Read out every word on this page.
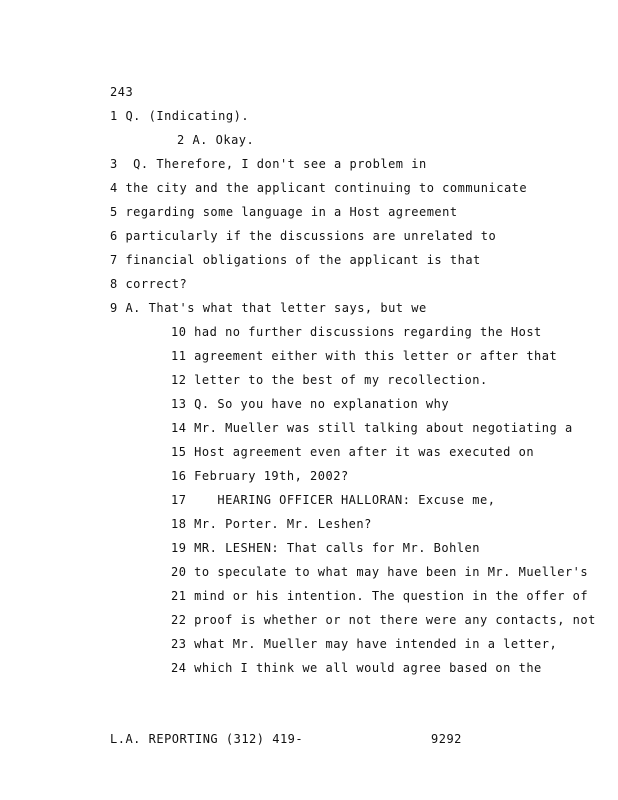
243
1 Q. (Indicating).
2 A. Okay.
3  Q. Therefore, I don't see a problem in
4 the city and the applicant continuing to communicate
5 regarding some language in a Host agreement
6 particularly if the discussions are unrelated to
7 financial obligations of the applicant is that
8 correct?
9 A. That's what that letter says, but we
10 had no further discussions regarding the Host
11 agreement either with this letter or after that
12 letter to the best of my recollection.
13 Q. So you have no explanation why
14 Mr. Mueller was still talking about negotiating a
15 Host agreement even after it was executed on
16 February 19th, 2002?
17    HEARING OFFICER HALLORAN: Excuse me,
18 Mr. Porter. Mr. Leshen?
19 MR. LESHEN: That calls for Mr. Bohlen
20 to speculate to what may have been in Mr. Mueller's
21 mind or his intention. The question in the offer of
22 proof is whether or not there were any contacts, not
23 what Mr. Mueller may have intended in a letter,
24 which I think we all would agree based on the
L.A. REPORTING (312) 419-	9292
